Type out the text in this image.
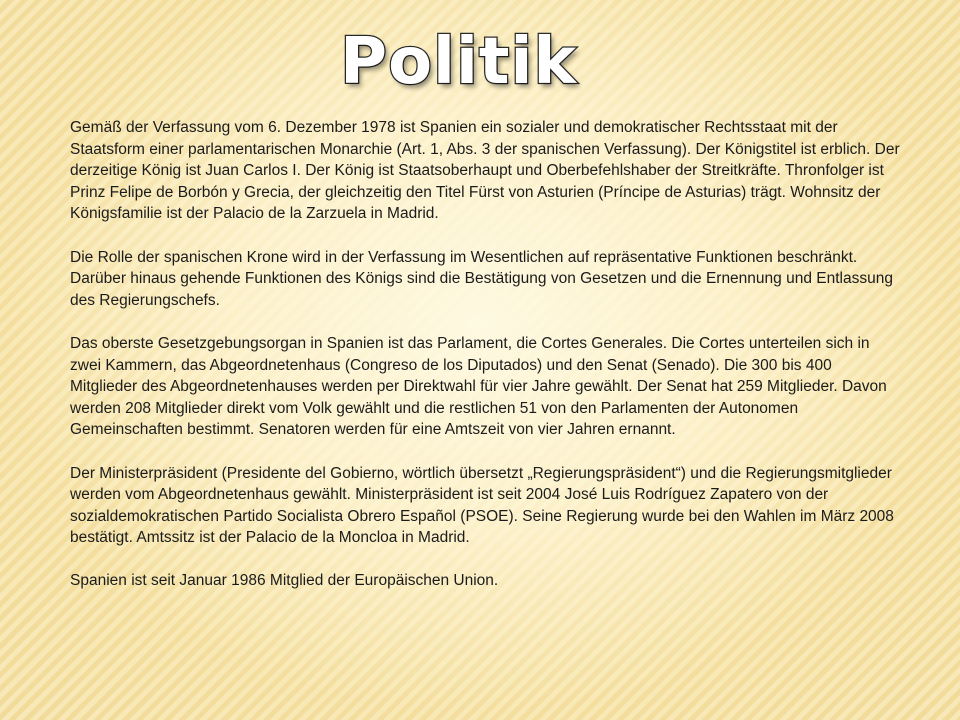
Politik

Gemäß der Verfassung vom 6. Dezember 1978 ist Spanien ein sozialer und demokratischer Rechtsstaat mit der Staatsform einer parlamentarischen Monarchie (Art. 1, Abs. 3 der spanischen Verfassung). Der Königstitel ist erblich. Der derzeitige König ist Juan Carlos I. Der König ist Staatsoberhaupt und Oberbefehlshaber der Streitkräfte. Thronfolger ist Prinz Felipe de Borbón y Grecia, der gleichzeitig den Titel Fürst von Asturien (Príncipe de Asturias) trägt. Wohnsitz der Königsfamilie ist der Palacio de la Zarzuela in Madrid.

Die Rolle der spanischen Krone wird in der Verfassung im Wesentlichen auf repräsentative Funktionen beschränkt. Darüber hinaus gehende Funktionen des Königs sind die Bestätigung von Gesetzen und die Ernennung und Entlassung des Regierungschefs.

Das oberste Gesetzgebungsorgan in Spanien ist das Parlament, die Cortes Generales. Die Cortes unterteilen sich in zwei Kammern, das Abgeordnetenhaus (Congreso de los Diputados) und den Senat (Senado). Die 300 bis 400 Mitglieder des Abgeordnetenhauses werden per Direktwahl für vier Jahre gewählt. Der Senat hat 259 Mitglieder. Davon werden 208 Mitglieder direkt vom Volk gewählt und die restlichen 51 von den Parlamenten der Autonomen Gemeinschaften bestimmt. Senatoren werden für eine Amtszeit von vier Jahren ernannt.

Der Ministerpräsident (Presidente del Gobierno, wörtlich übersetzt „Regierungspräsident“) und die Regierungsmitglieder werden vom Abgeordnetenhaus gewählt. Ministerpräsident ist seit 2004 José Luis Rodríguez Zapatero von der sozialdemokratischen Partido Socialista Obrero Español (PSOE). Seine Regierung wurde bei den Wahlen im März 2008 bestätigt. Amtssitz ist der Palacio de la Moncloa in Madrid.

Spanien ist seit Januar 1986 Mitglied der Europäischen Union.
